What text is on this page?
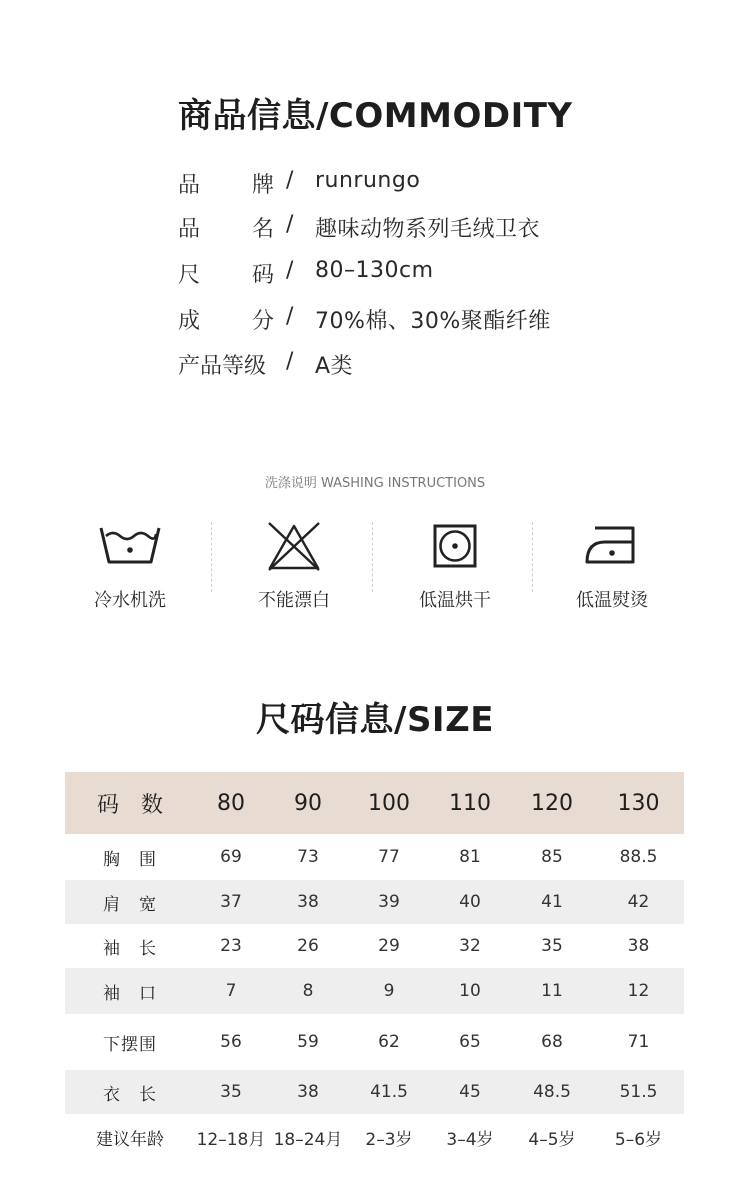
商品信息/COMMODITY
品 牌 / runrungo
品 名 / 趣味动物系列毛绒卫衣
尺 码 / 80–130cm
成 分 / 70%棉、30%聚酯纤维
产品等级 / A类
洗涤说明 WASHING INSTRUCTIONS
冷水机洗	不能漂白	低温烘干	低温熨烫
尺码信息/SIZE
码　数	80	90	100	110	120	130
胸　围	69	73	77	81	85	88.5
肩　宽	37	38	39	40	41	42
袖　长	23	26	29	32	35	38
袖　口	7	8	9	10	11	12
下摆围	56	59	62	65	68	71
衣　长	35	38	41.5	45	48.5	51.5
建议年龄	12–18月	18–24月	2–3岁	3–4岁	4–5岁	5–6岁
